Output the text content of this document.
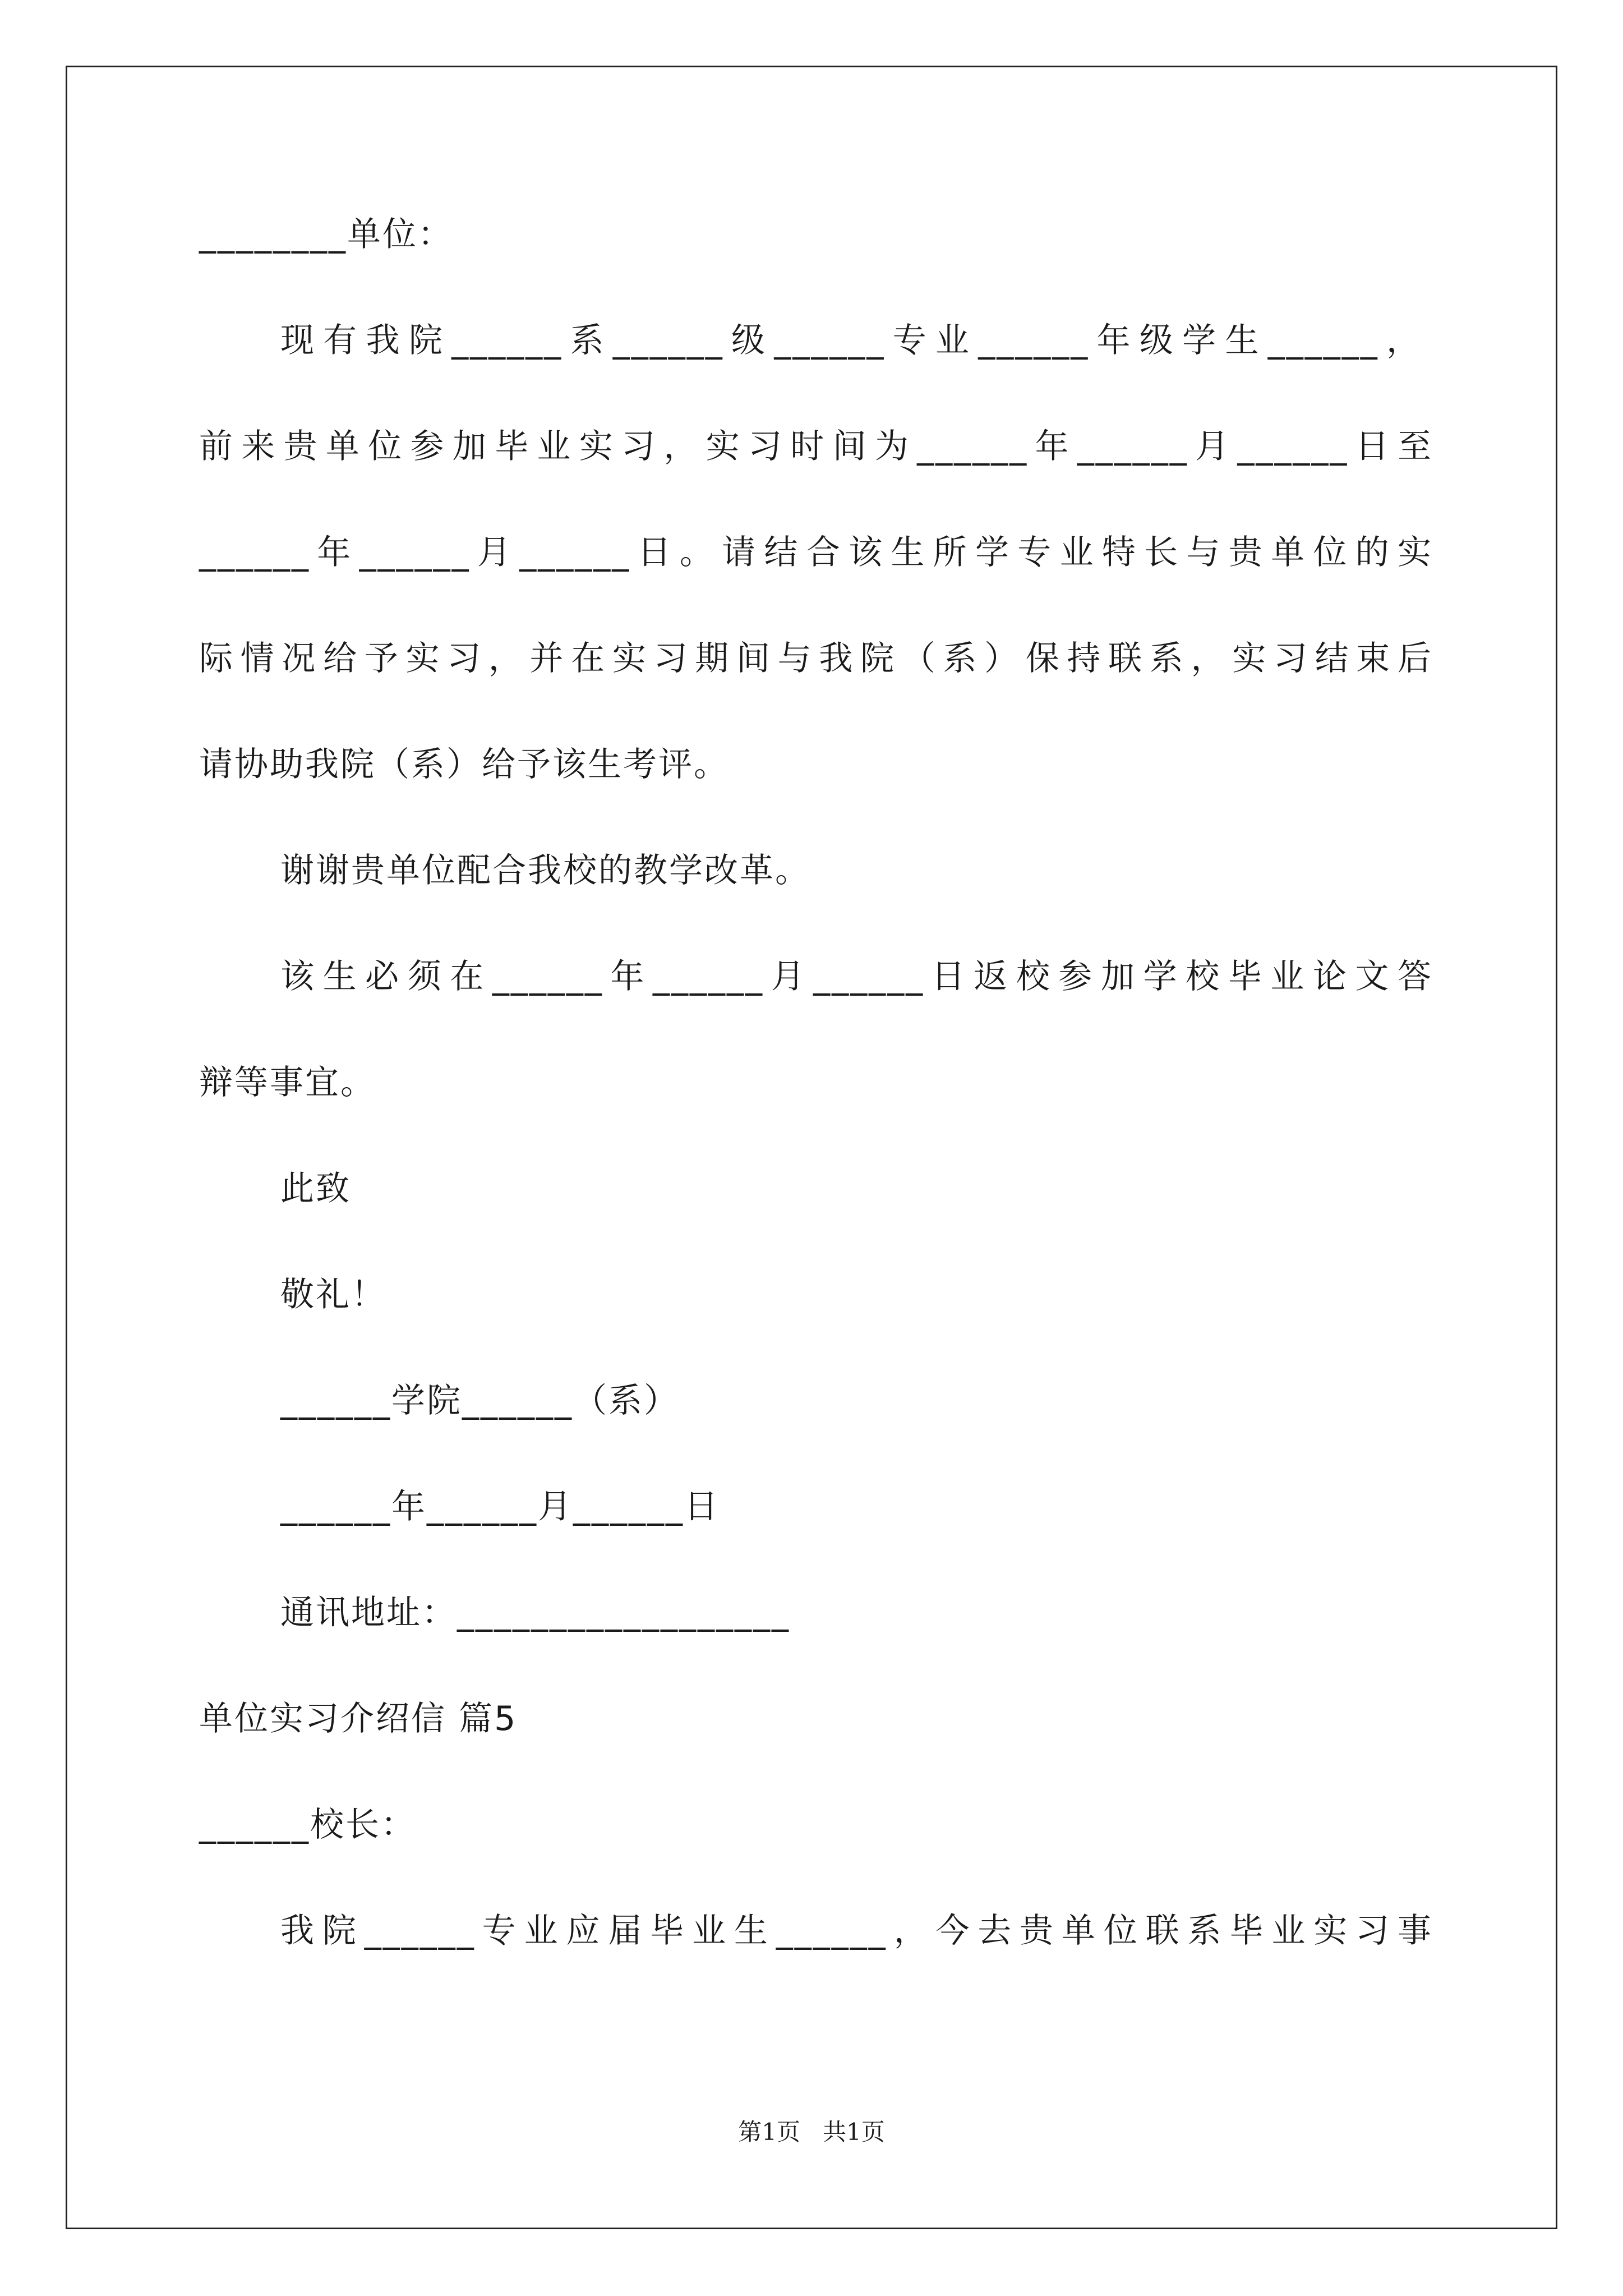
________单位：
现有我院______系______级______专业______年级学生______，
前来贵单位参加毕业实习，实习时间为______年______月______日至
______年______月______日。请结合该生所学专业特长与贵单位的实
际情况给予实习，并在实习期间与我院（系）保持联系，实习结束后
请协助我院（系）给予该生考评。
谢谢贵单位配合我校的教学改革。
该生必须在______年______月______日返校参加学校毕业论文答
辩等事宜。
此致
敬礼！
______学院______（系）
______年______月______日
通讯地址：__________________
单位实习介绍信 篇5
______校长：
我院______专业应届毕业生______，今去贵单位联系毕业实习事
第1页   共1页
